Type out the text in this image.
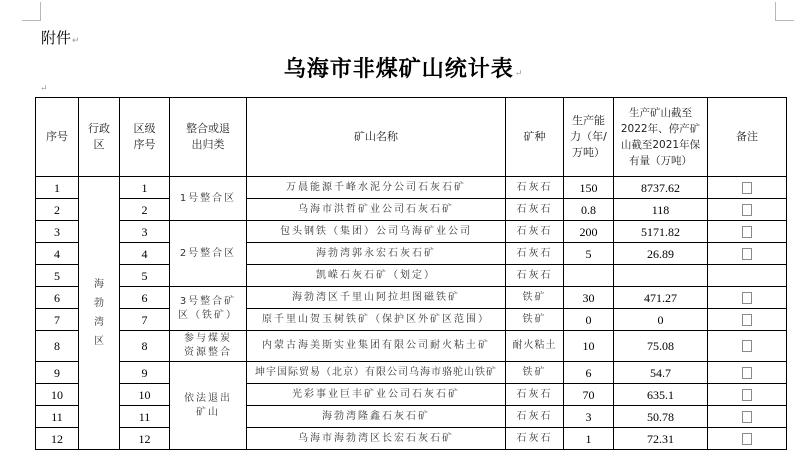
附件↵
乌海市非煤矿山统计表↵
↵
序号	行政区	区级序号	整合或退出归类	矿山名称	矿种	生产能力（年/万吨）	生产矿山截至2022年、停产矿山截至2021年保有量（万吨）	备注
1	海勃湾区	1	1号整合区	万晨能源千峰水泥分公司石灰石矿	石灰石	150	8737.62	
2		2		乌海市洪哲矿业公司石灰石矿	石灰石	0.8	118	
3		3	2号整合区	包头钢铁（集团）公司乌海矿业公司	石灰石	200	5171.82	
4		4		海勃湾郭永宏石灰石矿	石灰石	5	26.89	
5		5		凯嵘石灰石矿（划定）	石灰石			
6		6	3号整合矿区（铁矿）	海勃湾区千里山阿拉坦图磁铁矿	铁矿	30	471.27	
7		7		原千里山贺玉树铁矿（保护区外矿区范围）	铁矿	0	0	
8		8	参与煤炭资源整合	内蒙古海美斯实业集团有限公司耐火粘土矿	耐火粘土	10	75.08	
9		9	依法退出矿山	坤宇国际贸易（北京）有限公司乌海市骆驼山铁矿	铁矿	6	54.7	
10		10		光彩事业巨丰矿业公司石灰石矿	石灰石	70	635.1	
11		11		海勃湾隆鑫石灰石矿	石灰石	3	50.78	
12		12		乌海市海勃湾区长宏石灰石矿	石灰石	1	72.31	
